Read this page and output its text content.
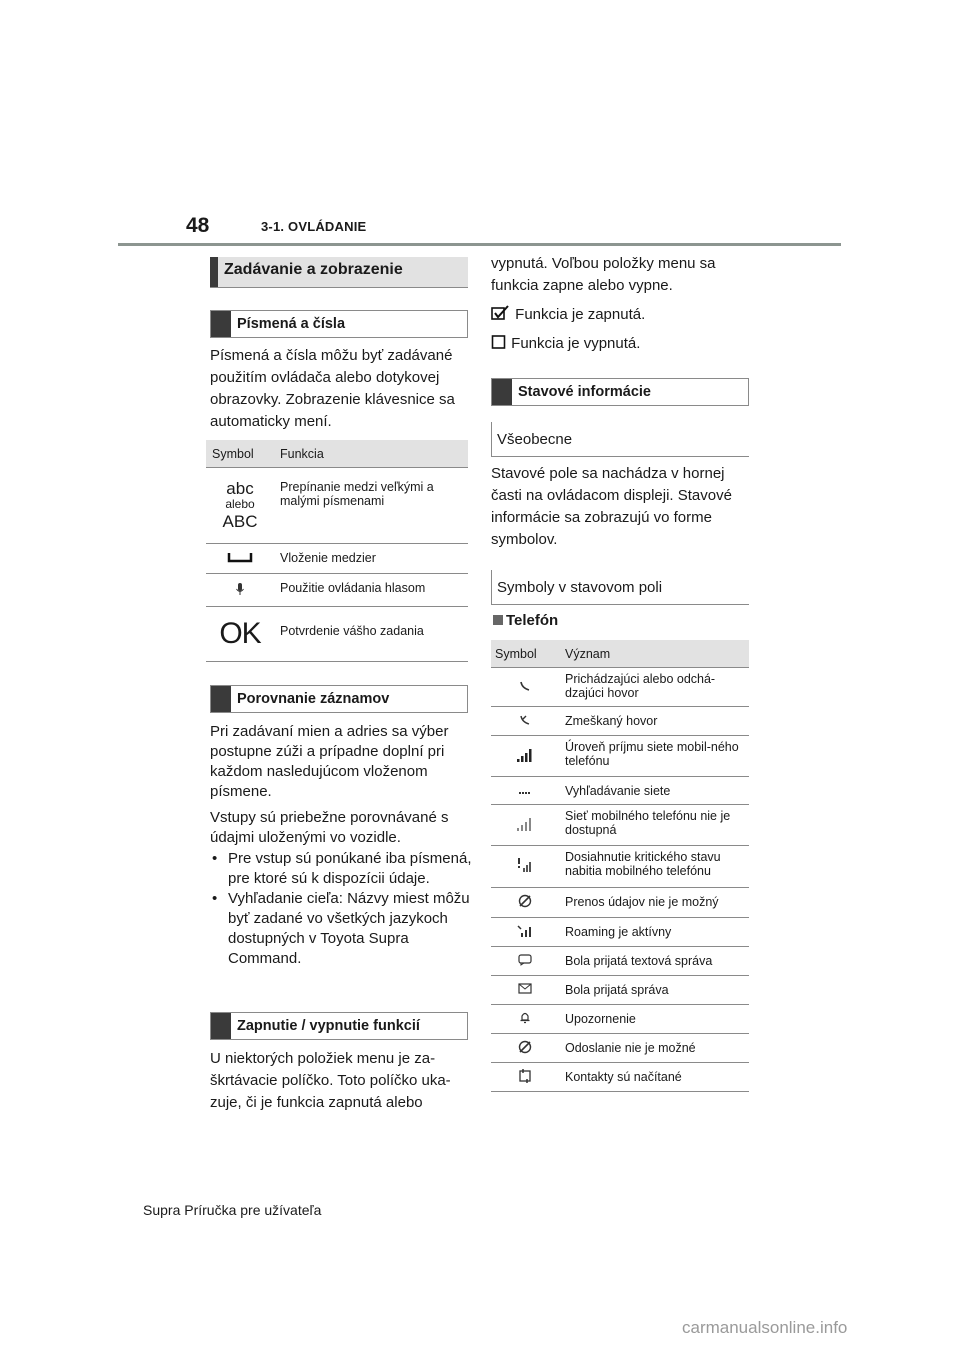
48	3-1. OVLÁDANIE
Zadávanie a zobrazenie
Písmená a čísla
Písmená a čísla môžu byť zadávané použitím ovládača alebo dotykovej obrazovky. Zobrazenie klávesnice sa automaticky mení.
Symbol	Funkcia

abc
alebo
ABC	Prepínanie medzi veľkými a malými písmenami
	Vloženie medzier
	Použitie ovládania hlasom
OK	Potvrdenie vášho zadania
Porovnanie záznamov
Pri zadávaní mien a adries sa výber postupne zúži a prípadne doplní pri každom nasledujúcom vloženom písmene.
Vstupy sú priebežne porovnávané s údajmi uloženými vo vozidle.
• Pre vstup sú ponúkané iba písmená, pre ktoré sú k dispozícii údaje.
• Vyhľadanie cieľa: Názvy miest môžu byť zadané vo všetkých jazykoch dostupných v Toyota Supra Command.
Zapnutie / vypnutie funkcií
U niektorých položiek menu je za-škrtávacie políčko. Toto políčko uka-zuje, či je funkcia zapnutá alebo
vypnutá. Voľbou položky menu sa funkcia zapne alebo vypne.
Funkcia je zapnutá.
Funkcia je vypnutá.
Stavové informácie
Všeobecne
Stavové pole sa nachádza v hornej časti na ovládacom displeji. Stavové informácie sa zobrazujú vo forme symbolov.
Symboly v stavovom poli
Telefón
Symbol	Význam
	Prichádzajúci alebo odchá-dzajúci hovor
	Zmeškaný hovor
	Úroveň príjmu siete mobil-ného telefónu
	Vyhľadávanie siete
	Sieť mobilného telefónu nie je dostupná
	Dosiahnutie kritického stavu nabitia mobilného telefónu
	Prenos údajov nie je možný
	Roaming je aktívny
	Bola prijatá textová správa
	Bola prijatá správa
	Upozornenie
	Odoslanie nie je možné
	Kontakty sú načítané
Supra Príručka pre užívateľa
carmanualsonline.info
